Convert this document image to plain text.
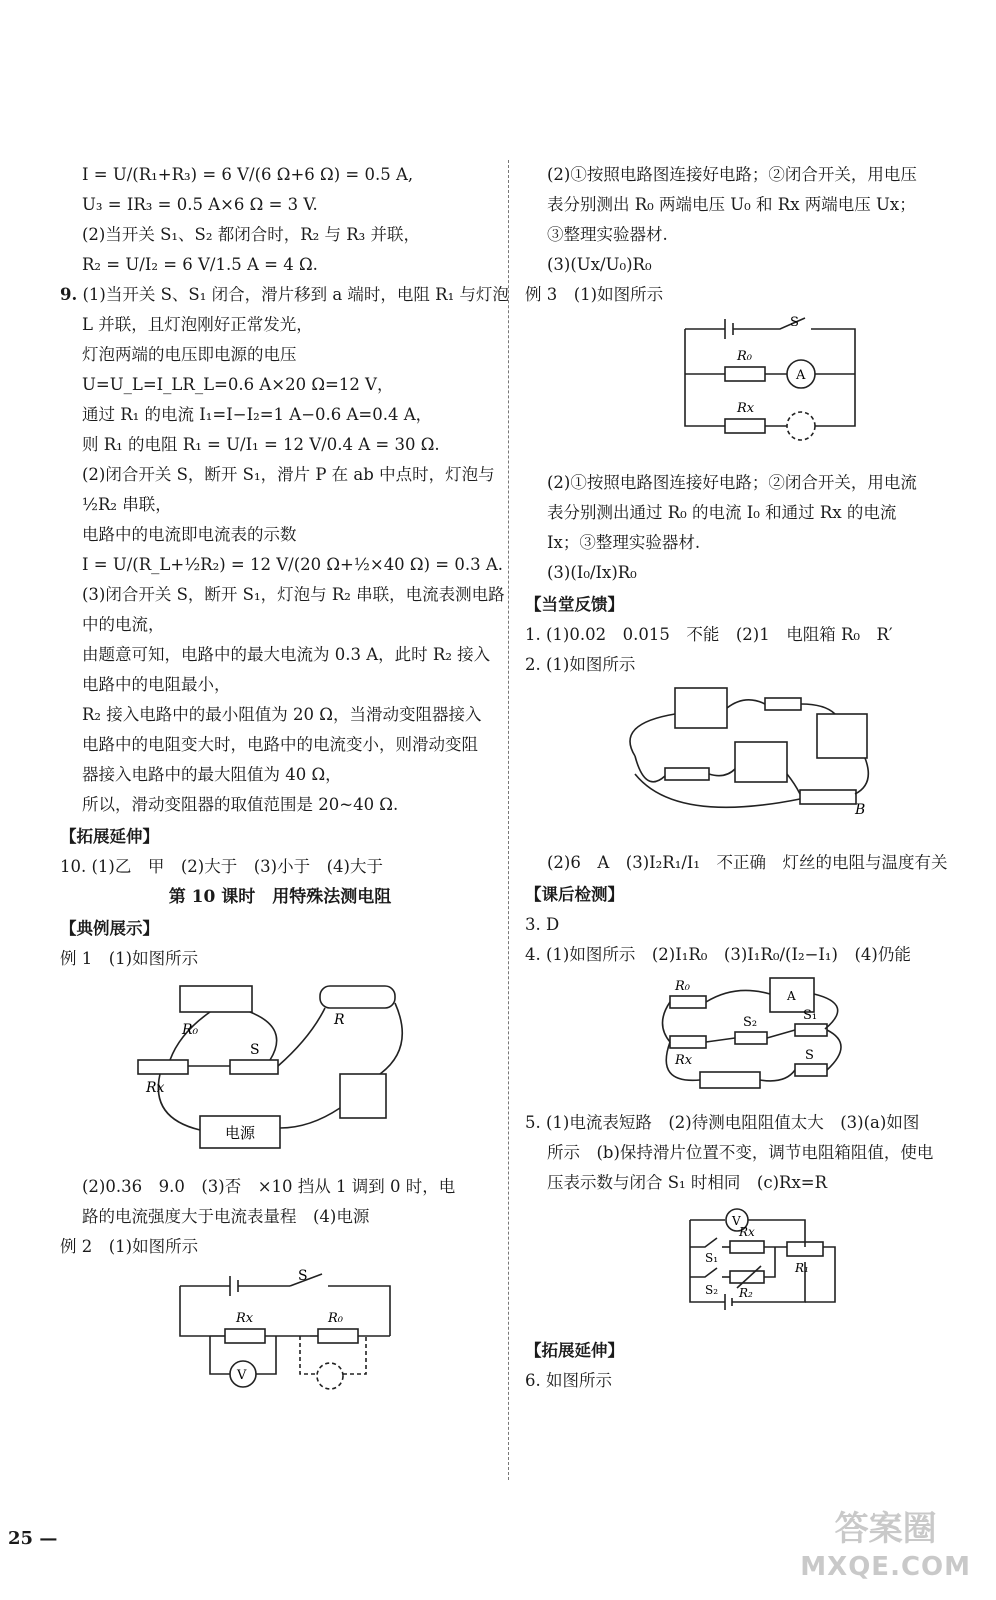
I = U/(R₁+R₃) = 6 V/(6 Ω+6 Ω) = 0.5 A,
U₃ = IR₃ = 0.5 A×6 Ω = 3 V.
(2)当开关 S₁、S₂ 都闭合时，R₂ 与 R₃ 并联，
R₂ = U/I₂ = 6 V/1.5 A = 4 Ω.
9. (1)当开关 S、S₁ 闭合，滑片移到 a 端时，电阻 R₁ 与灯泡
L 并联，且灯泡刚好正常发光，
灯泡两端的电压即电源的电压
U=U_L=I_LR_L=0.6 A×20 Ω=12 V，
通过 R₁ 的电流 I₁=I−I₂=1 A−0.6 A=0.4 A，
则 R₁ 的电阻 R₁ = U/I₁ = 12 V/0.4 A = 30 Ω.
(2)闭合开关 S，断开 S₁，滑片 P 在 ab 中点时，灯泡与
½R₂ 串联，
电路中的电流即电流表的示数
I = U/(R_L+½R₂) = 12 V/(20 Ω+½×40 Ω) = 0.3 A.
(3)闭合开关 S，断开 S₁，灯泡与 R₂ 串联，电流表测电路
中的电流，
由题意可知，电路中的最大电流为 0.3 A，此时 R₂ 接入
电路中的电阻最小，
R₂ 接入电路中的最小阻值为 20 Ω，当滑动变阻器接入
电路中的电阻变大时，电路中的电流变小，则滑动变阻
器接入电路中的最大阻值为 40 Ω，
所以，滑动变阻器的取值范围是 20~40 Ω.
【拓展延伸】
10. (1)乙　甲　(2)大于　(3)小于　(4)大于
第 10 课时　用特殊法测电阻
【典例展示】
例 1　(1)如图所示
R₀
R
S
Rx
电源
(2)0.36　9.0　(3)否　×10 挡从 1 调到 0 时，电
路的电流强度大于电流表量程　(4)电源
例 2　(1)如图所示
S
Rx	R₀
V
(2)①按照电路图连接好电路；②闭合开关，用电压
表分别测出 R₀ 两端电压 U₀ 和 Rx 两端电压 Ux；
③整理实验器材.
(3)(Ux/U₀)R₀
例 3　(1)如图所示
S
R₀
Rx
A
(2)①按照电路图连接好电路；②闭合开关，用电流
表分别测出通过 R₀ 的电流 I₀ 和通过 Rx 的电流
Ix；③整理实验器材.
(3)(I₀/Ix)R₀
【当堂反馈】
1. (1)0.02　0.015　不能　(2)1　电阻箱 R₀　R′
2. (1)如图所示
B
(2)6　A　(3)I₂R₁/I₁　不正确　灯丝的电阻与温度有关
【课后检测】
3. D
4. (1)如图所示　(2)I₁R₀　(3)I₁R₀/(I₂−I₁)　(4)仍能
R₀
A
S₂	S₁
Rx	S
5. (1)电流表短路　(2)待测电阻阻值太大　(3)(a)如图
所示　(b)保持滑片位置不变，调节电阻箱阻值，使电
压表示数与闭合 S₁ 时相同　(c)Rx=R
V
S₁
Rx
R₁
S₂ R₂
【拓展延伸】
6. 如图所示
25 —	答案圈
MXQE.COM
